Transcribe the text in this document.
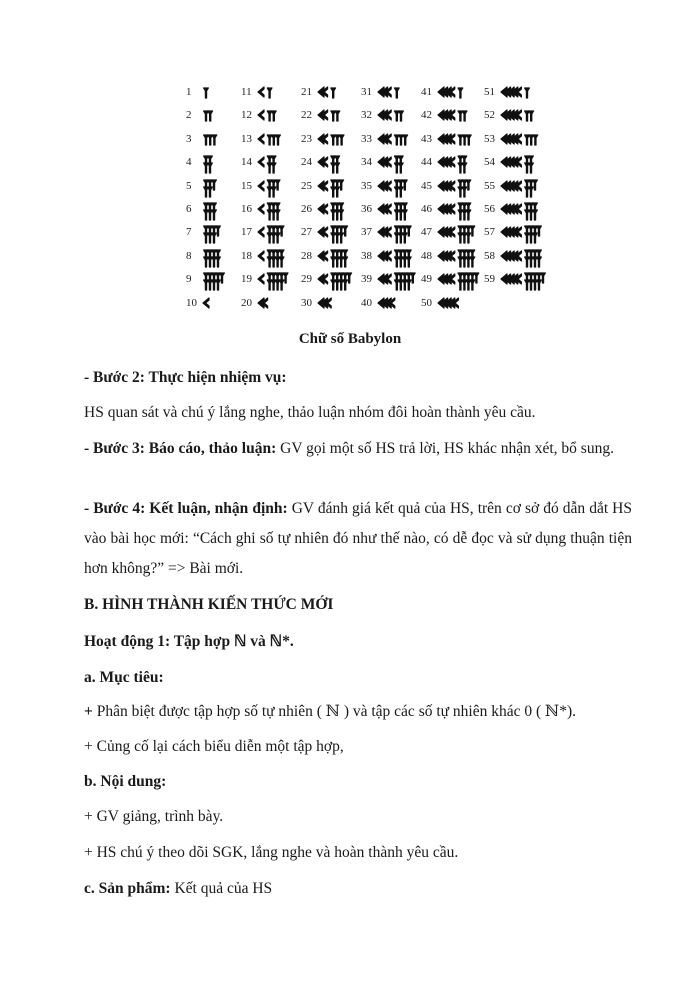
1
2
3
4
5
6
7
8
9
10
11
12
13
14
15
16
17
18
19
20
21
22
23
24
25
26
27
28
29
30
31
32
33
34
35
36
37
38
39
40
41
42
43
44
45
46
47
48
49
50
51
52
53
54
55
56
57
58
59
Chữ số Babylon
- Bước 2: Thực hiện nhiệm vụ:
HS quan sát và chú ý lắng nghe, thảo luận nhóm đôi hoàn thành yêu cầu.
- Bước 3: Báo cáo, thảo luận: GV gọi một số HS trả lời, HS khác nhận xét, bổ sung.
- Bước 4: Kết luận, nhận định: GV đánh giá kết quả của HS, trên cơ sở đó dẫn dắt HS vào bài học mới: “Cách ghi số tự nhiên đó như thế nào, có dễ đọc và sử dụng thuận tiện hơn không?” => Bài mới.
B. HÌNH THÀNH KIẾN THỨC MỚI
Hoạt động 1: Tập hợp ℕ và ℕ*.
a. Mục tiêu:
+ Phân biệt được tập hợp số tự nhiên ( ℕ ) và tập các số tự nhiên khác 0 ( ℕ*).
+ Củng cố lại cách biểu diễn một tập hợp,
b. Nội dung:
+ GV giảng, trình bày.
+ HS chú ý theo dõi SGK, lắng nghe và hoàn thành yêu cầu.
c. Sản phẩm: Kết quả của HS
